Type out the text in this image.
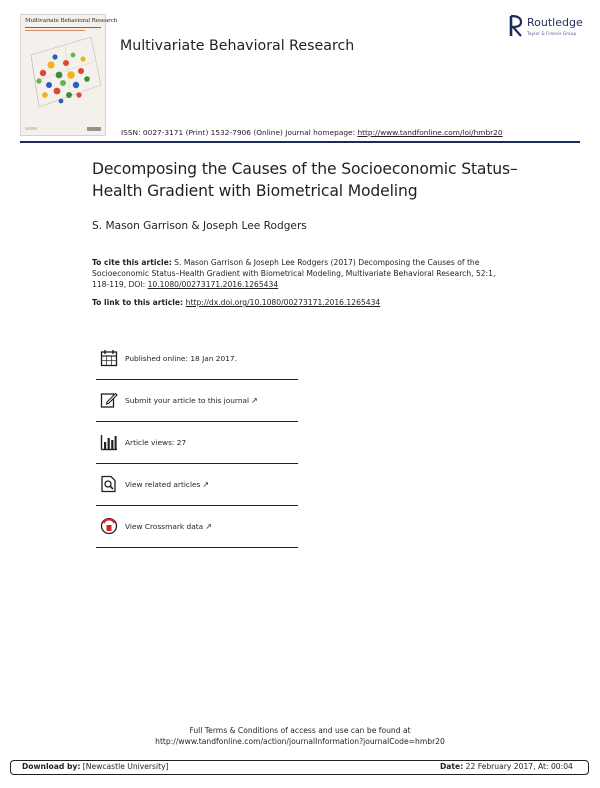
Multivariate Behavioral Research
Multivariate Behavioral Research
Routledge
Taylor & Francis Group
ISSN: 0027-3171 (Print) 1532-7906 (Online) Journal homepage: http://www.tandfonline.com/loi/hmbr20
Decomposing the Causes of the Socioeconomic Status–Health Gradient with Biometrical Modeling
S. Mason Garrison & Joseph Lee Rodgers
To cite this article: S. Mason Garrison & Joseph Lee Rodgers (2017) Decomposing the Causes of the Socioeconomic Status–Health Gradient with Biometrical Modeling, Multivariate Behavioral Research, 52:1, 118-119, DOI: 10.1080/00273171.2016.1265434
To link to this article: http://dx.doi.org/10.1080/00273171.2016.1265434
Published online: 18 Jan 2017.
Submit your article to this journal ↗
Article views: 27
View related articles ↗
View Crossmark data ↗
Full Terms & Conditions of access and use can be found at
http://www.tandfonline.com/action/journalInformation?journalCode=hmbr20
Download by: [Newcastle University]	Date: 22 February 2017, At: 00:04
